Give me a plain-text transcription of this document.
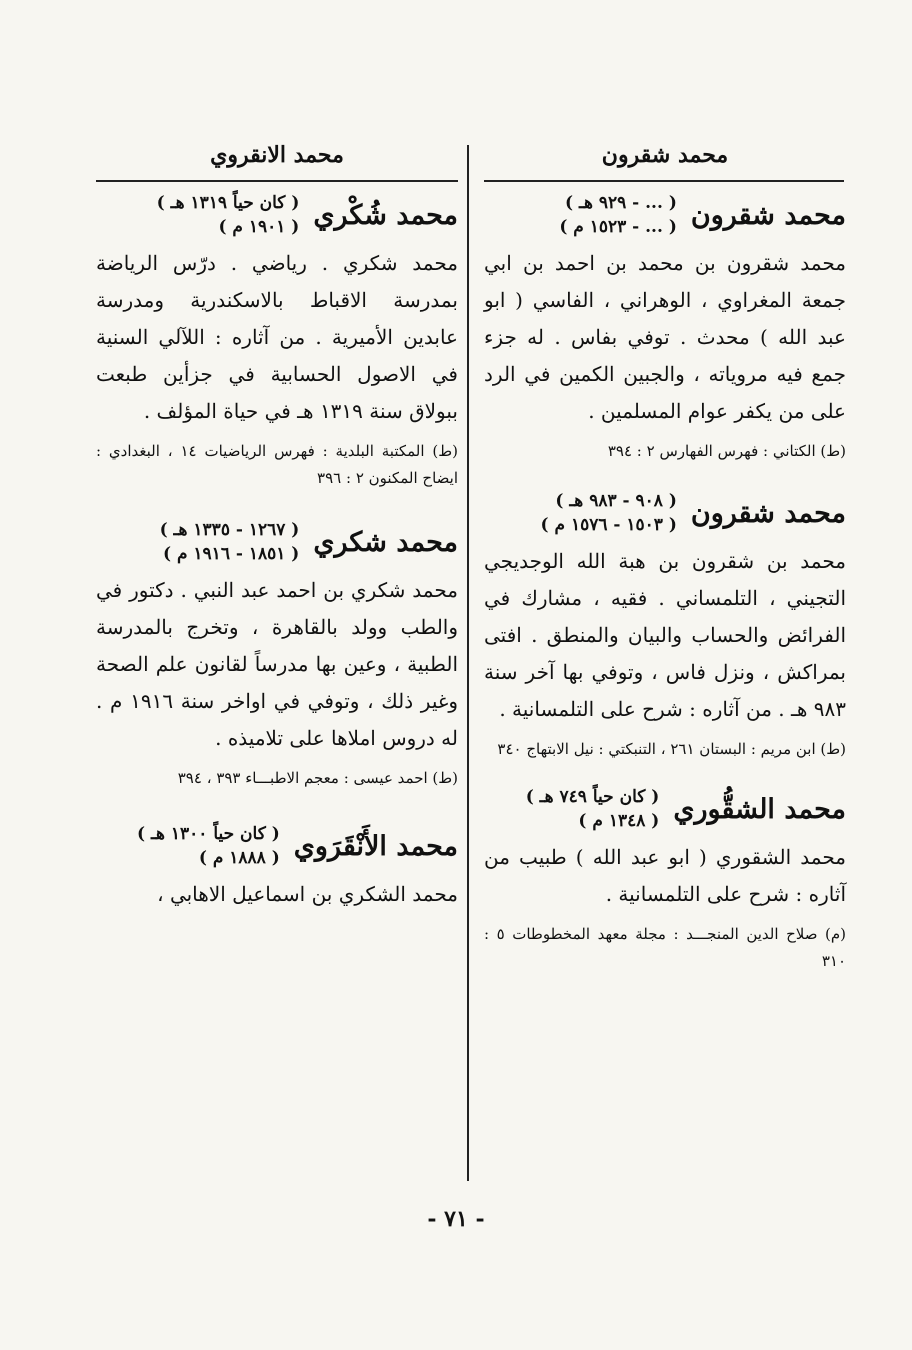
محمد شقرون
محمد شقرون
( ... - ٩٢٩ هـ )
( ... - ١٥٢٣ م )
محمد شقرون بن محمد بن احمد بن ابي جمعة المغراوي ، الوهراني ، الفاسي ( ابو عبد الله ) محدث . توفي بفاس . له جزء جمع فيه مروياته ، والجبين الكمين في الرد على من يكفر عوام المسلمين .
(ط) الكتاني : فهرس الفهارس ٢ : ٣٩٤
محمد شقرون
( ٩٠٨ - ٩٨٣ هـ )
( ١٥٠٣ - ١٥٧٦ م )
محمد بن شقرون بن هبة الله الوجديجي التجيني ، التلمساني . فقيه ، مشارك في الفرائض والحساب والبيان والمنطق . افتى بمراكش ، ونزل فاس ، وتوفي بها آخر سنة ٩٨٣ هـ . من آثاره : شرح على التلمسانية .
(ط) ابن مريم : البستان ٢٦١ ، التنبكتي : نيل الابتهاج ٣٤٠
محمد الشقُّوري
( كان حياً ٧٤٩ هـ )
( ١٣٤٨ م )
محمد الشقوري ( ابو عبد الله ) طبيب من آثاره : شرح على التلمسانية .
(م) صلاح الدين المنجـــد : مجلة معهد المخطوطات ٥ : ٣١٠
محمد الانقروي
محمد شُكْري
( كان حياً ١٣١٩ هـ )
( ١٩٠١ م )
محمد شكري . رياضي . درّس الرياضة بمدرسة الاقباط بالاسكندرية ومدرسة عابدين الأميرية . من آثاره : اللآلي السنية في الاصول الحسابية في جزأين طبعت ببولاق سنة ١٣١٩ هـ في حياة المؤلف .
(ط) المكتبة البلدية : فهرس الرياضيات ١٤ ، البغدادي : ايضاح المكنون ٢ : ٣٩٦
محمد شكري
( ١٢٦٧ - ١٣٣٥ هـ )
( ١٨٥١ - ١٩١٦ م )
محمد شكري بن احمد عبد النبي . دكتور في والطب وولد بالقاهرة ، وتخرج بالمدرسة الطبية ، وعين بها مدرساً لقانون علم الصحة وغير ذلك ، وتوفي في اواخر سنة ١٩١٦ م . له دروس املاها على تلاميذه .
(ط) احمد عيسى : معجم الاطبـــاء ٣٩٣ ، ٣٩٤
محمد الأَنْقَرَوي
( كان حياً ١٣٠٠ هـ )
( ١٨٨٨ م )
محمد الشكري بن اسماعيل الاهابي ،
- ٧١ -
